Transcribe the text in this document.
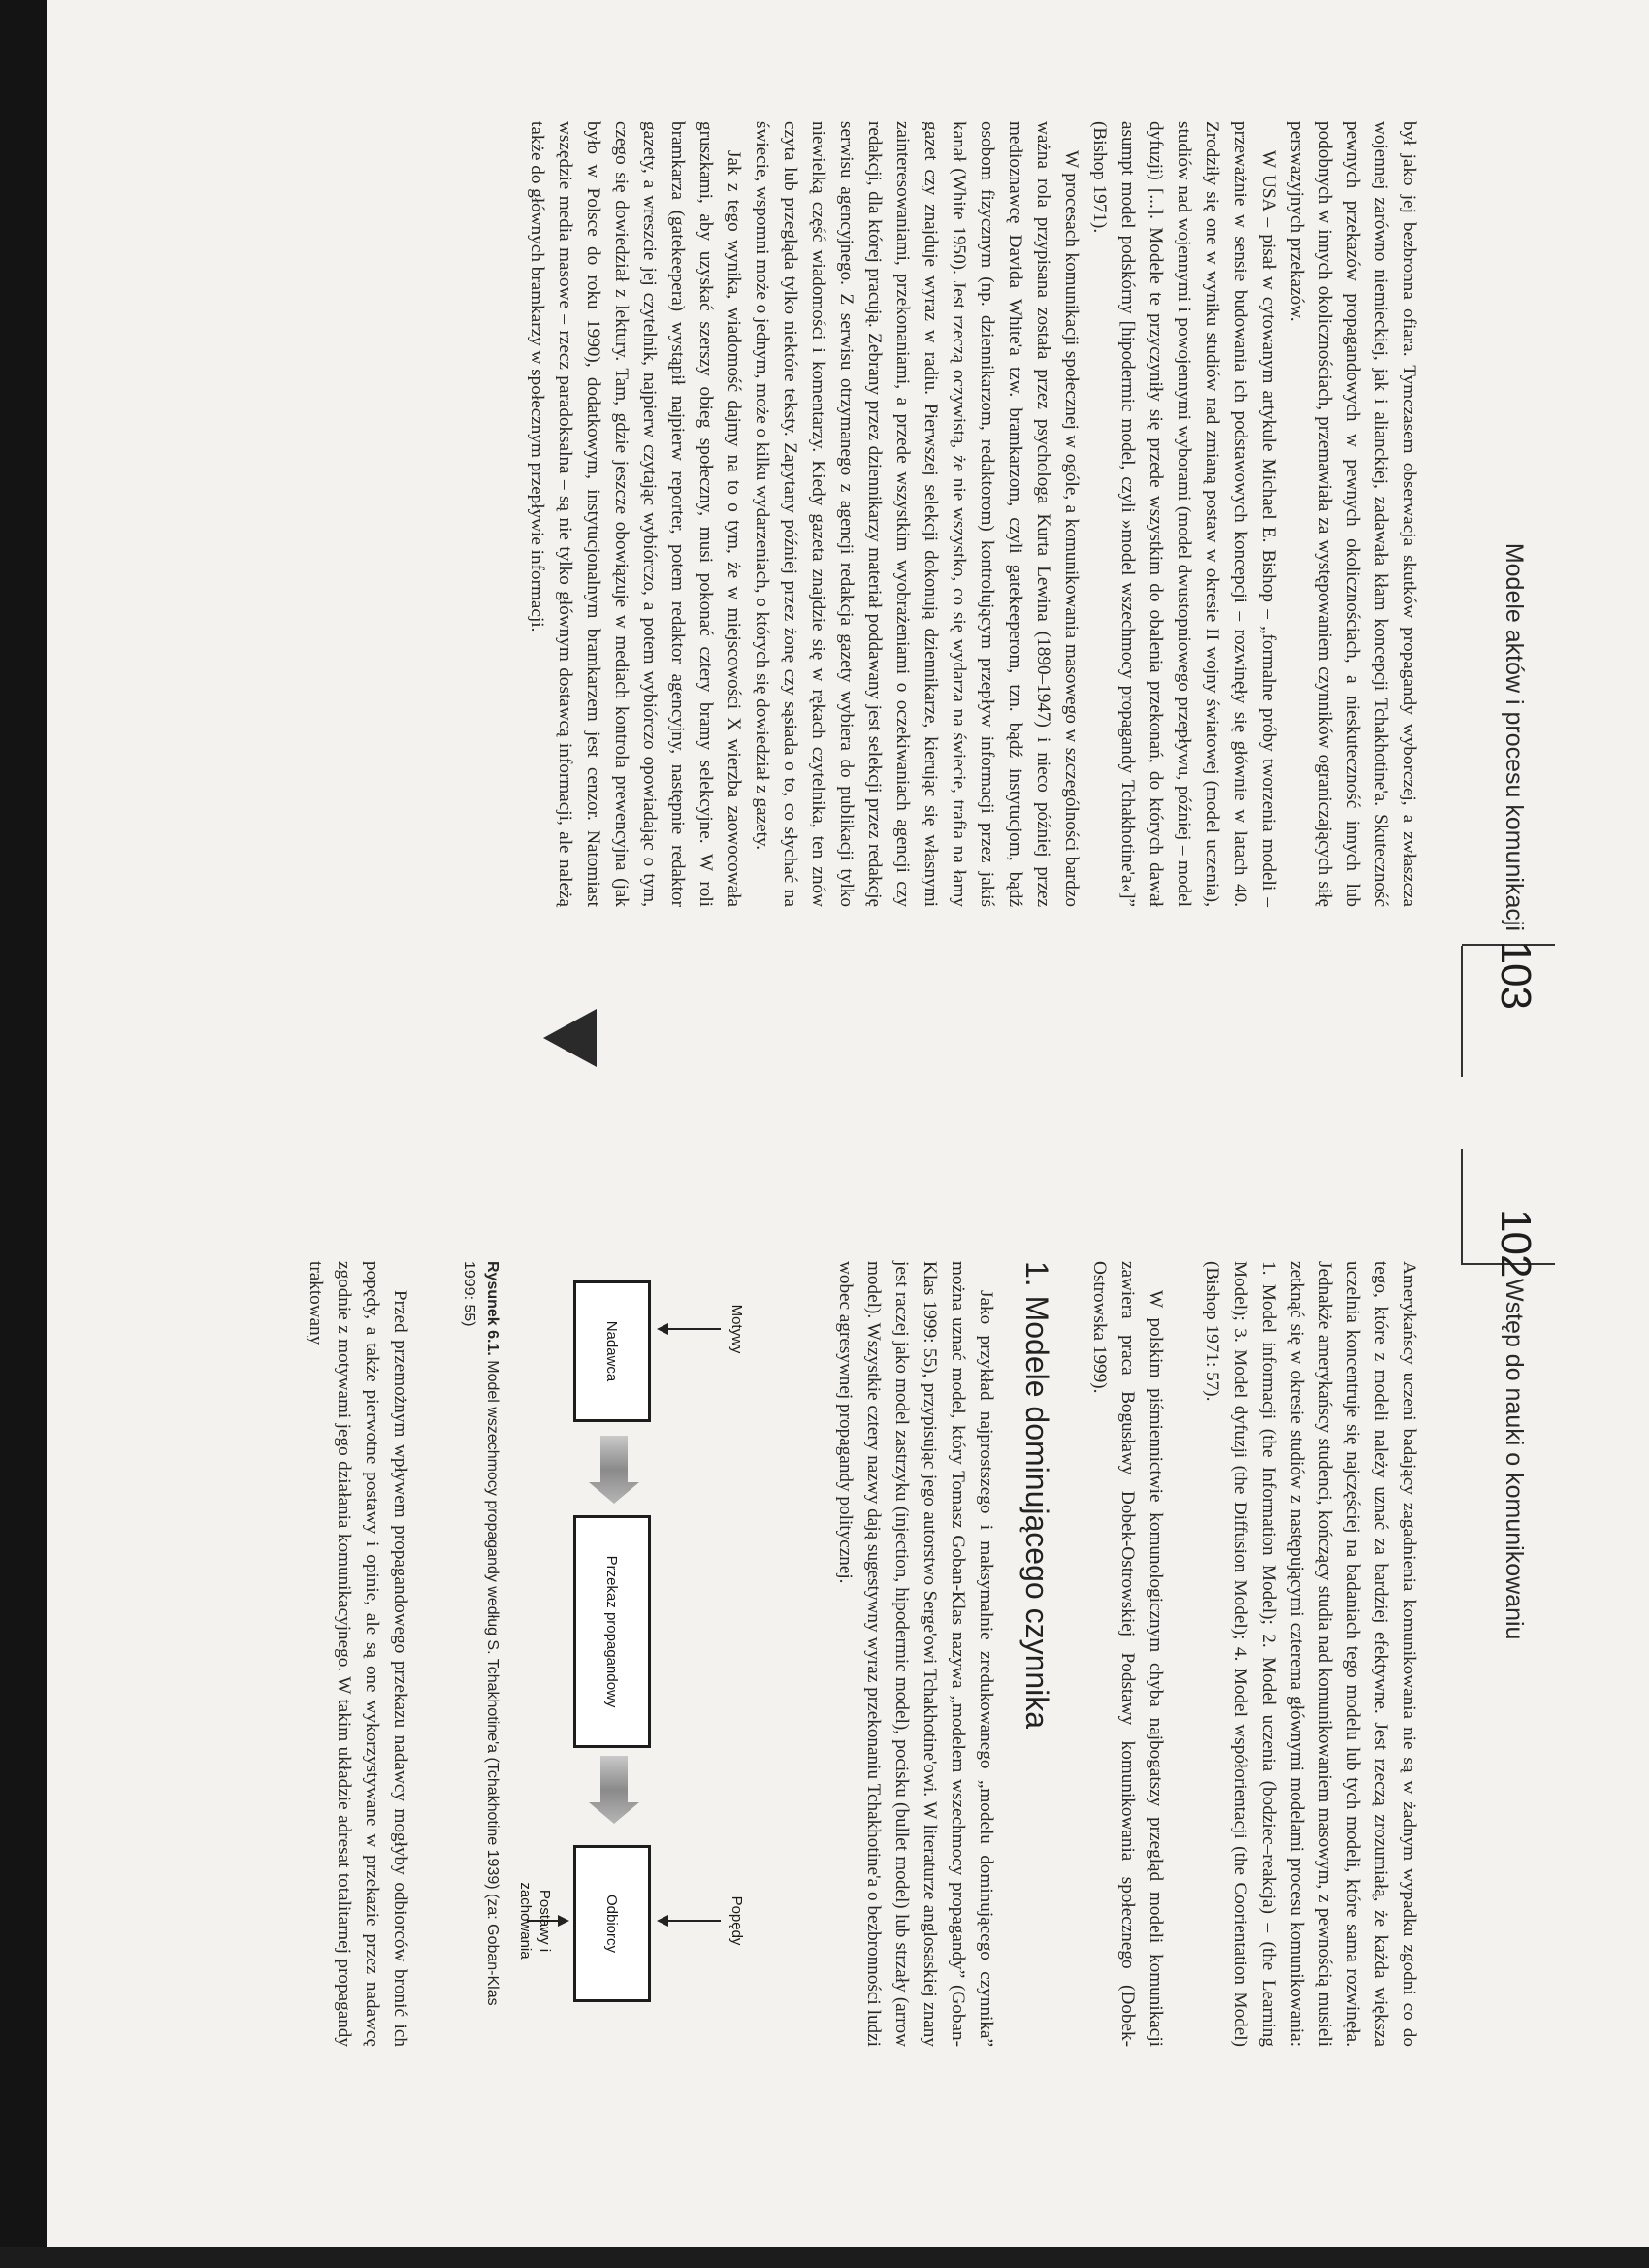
102
Wstęp do nauki o komunikowaniu

Amerykańscy uczeni badający zagadnienia komunikowania nie są w żadnym wypadku zgodni co do tego, które z modeli należy uznać za bardziej efektywne. Jest rzeczą zrozumiałą, że każda większa uczelnia koncentruje się najczęściej na badaniach tego modelu lub tych modeli, które sama rozwinęła. Jednakże amerykańscy studenci, kończący studia nad komunikowaniem masowym, z pewnością musieli zetknąć się w okresie studiów z następującymi czterema głównymi modelami procesu komunikowania: 1. Model informacji (the Information Model); 2. Model uczenia (bodziec–reakcja) – (the Learning Model); 3. Model dyfuzji (the Diffusion Model); 4. Model współorientacji (the Coorientation Model) (Bishop 1971: 57).

W polskim piśmiennictwie komunologicznym chyba najbogatszy przegląd modeli komunikacji zawiera praca Bogusławy Dobek-Ostrowskiej Podstawy komunikowania społecznego (Dobek-Ostrowska 1999).

1. Modele dominującego czynnika

Jako przykład najprostszego i maksymalnie zredukowanego „modelu dominującego czynnika” można uznać model, który Tomasz Goban-Klas nazywa „modelem wszechmocy propagandy” (Goban-Klas 1999: 55), przypisując jego autorstwo Serge'owi Tchakhotine'owi. W literaturze anglosaskiej znany jest raczej jako model zastrzyku (injection, hipodermic model), pocisku (bullet model) lub strzały (arrow model). Wszystkie cztery nazwy dają sugestywny wyraz przekonaniu Tchakhotine'a o bezbronności ludzi wobec agresywnej propagandy politycznej.

Motywy
Popędy
Postawy i zachowania
Nadawca
Przekaz propagandowy
Odbiorcy
Rysunek 6.1. Model wszechmocy propagandy według S. Tchakhotine'a (Tchakhotine 1939) (za: Goban-Klas 1999: 55)

Przed przemożnym wpływem propagandowego przekazu nadawcy mogłyby odbiorców bronić ich popędy, a także pierwotne postawy i opinie, ale są one wykorzystywane w przekazie przez nadawcę zgodnie z motywami jego działania komunikacyjnego. W takim układzie adresat totalitarnej propagandy traktowany

Modele aktów i procesu komunikacji
103

był jako jej bezbronna ofiara. Tymczasem obserwacja skutków propagandy wyborczej, a zwłaszcza wojennej zarówno niemieckiej, jak i alianckiej, zadawała kłam koncepcji Tchakhotine'a. Skuteczność pewnych przekazów propagandowych w pewnych okolicznościach, a nieskuteczność innych lub podobnych w innych okolicznościach, przemawiała za występowaniem czynników ograniczających siłę perswazyjnych przekazów.

W USA – pisał w cytowanym artykule Michael E. Bishop – „formalne próby tworzenia modeli – przeważnie w sensie budowania ich podstawowych koncepcji – rozwinęły się głównie w latach 40. Zrodziły się one w wyniku studiów nad zmianą postaw w okresie II wojny światowej (model uczenia), studiów nad wojennymi i powojennymi wyborami (model dwustopniowego przepływu, później – model dyfuzji) [...]. Modele te przyczyniły się przede wszystkim do obalenia przekonań, do których dawał asumpt model podskórny [hipodermic model, czyli »model wszechmocy propagandy Tchakhotine'a«]” (Bishop 1971).

W procesach komunikacji społecznej w ogóle, a komunikowania masowego w szczególności bardzo ważna rola przypisana została przez psychologa Kurta Lewina (1890–1947) i nieco później przez medioznawcę Davida White'a tzw. bramkarzom, czyli gatekeeperom, tzn. bądź instytucjom, bądź osobom fizycznym (np. dziennikarzom, redaktorom) kontrolującym przepływ informacji przez jakiś kanał (White 1950). Jest rzeczą oczywistą, że nie wszystko, co się wydarza na świecie, trafia na łamy gazet czy znajduje wyraz w radiu. Pierwszej selekcji dokonują dziennikarze, kierując się własnymi zainteresowaniami, przekonaniami, a przede wszystkim wyobrażeniami o oczekiwaniach agencji czy redakcji, dla której pracują. Zebrany przez dziennikarzy materiał poddawany jest selekcji przez redakcję serwisu agencyjnego. Z serwisu otrzymanego z agencji redakcja gazety wybiera do publikacji tylko niewielką część wiadomości i komentarzy. Kiedy gazeta znajdzie się w rękach czytelnika, ten znów czyta lub przegląda tylko niektóre teksty. Zapytany później przez żonę czy sąsiada o to, co słychać na świecie, wspomni może o jednym, może o kilku wydarzeniach, o których się dowiedział z gazety.

Jak z tego wynika, wiadomość dajmy na to o tym, że w miejscowości X wierzba zaowocowała gruszkami, aby uzyskać szerszy obieg społeczny, musi pokonać cztery bramy selekcyjne. W roli bramkarza (gatekeepera) wystąpił najpierw reporter, potem redaktor agencyjny, następnie redaktor gazety, a wreszcie jej czytelnik, najpierw czytając wybiórczo, a potem wybiórczo opowiadając o tym, czego się dowiedział z lektury. Tam, gdzie jeszcze obowiązuje w mediach kontrola prewencyjna (jak było w Polsce do roku 1990), dodatkowym, instytucjonalnym bramkarzem jest cenzor. Natomiast wszędzie media masowe – rzecz paradoksalna – są nie tylko głównym dostawcą informacji, ale należą także do głównych bramkarzy w społecznym przepływie informacji.
